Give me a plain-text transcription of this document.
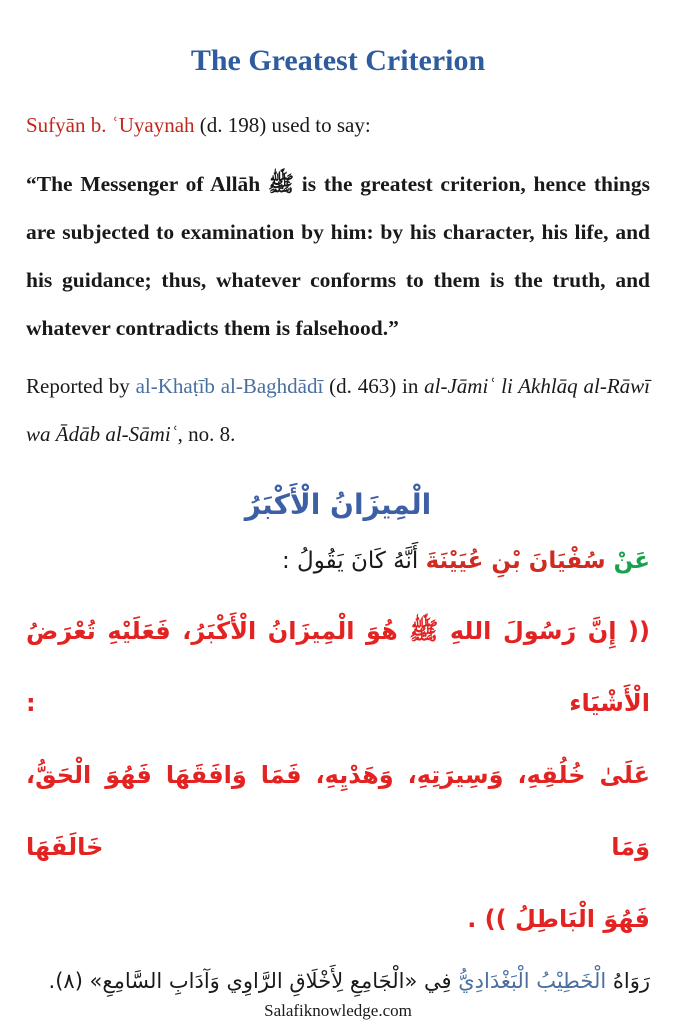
The Greatest Criterion

Sufyān b. ʿUyaynah (d. 198) used to say:

“The Messenger of Allāh ﷺ is the greatest criterion, hence things are subjected to examination by him: by his character, his life, and his guidance; thus, whatever conforms to them is the truth, and whatever contradicts them is falsehood.”

Reported by al-Khaṭīb al-Baghdādī (d. 463) in al-Jāmiʿ li Akhlāq al-Rāwī wa Ādāb al-Sāmiʿ, no. 8.

الْمِيزَانُ الْأَكْبَرُ
عَنْ سُفْيَانَ بْنِ عُيَيْنَةَ أَنَّهُ كَانَ يَقُولُ :
(( إِنَّ رَسُولَ اللهِ ﷺ هُوَ الْمِيزَانُ الْأَكْبَرُ، فَعَلَيْهِ تُعْرَضُ الْأَشْيَاء :
عَلَىٰ خُلُقِهِ، وَسِيرَتِهِ، وَهَدْيِهِ، فَمَا وَافَقَهَا فَهُوَ الْحَقُّ، وَمَا خَالَفَهَا
فَهُوَ الْبَاطِلُ )) .
رَوَاهُ الْخَطِيْبُ الْبَغْدَادِيُّ فِي «الْجَامِعِ لِأَخْلَاقِ الرَّاوِي وَآدَابِ السَّامِعِ» (٨).
Salafiknowledge.com
